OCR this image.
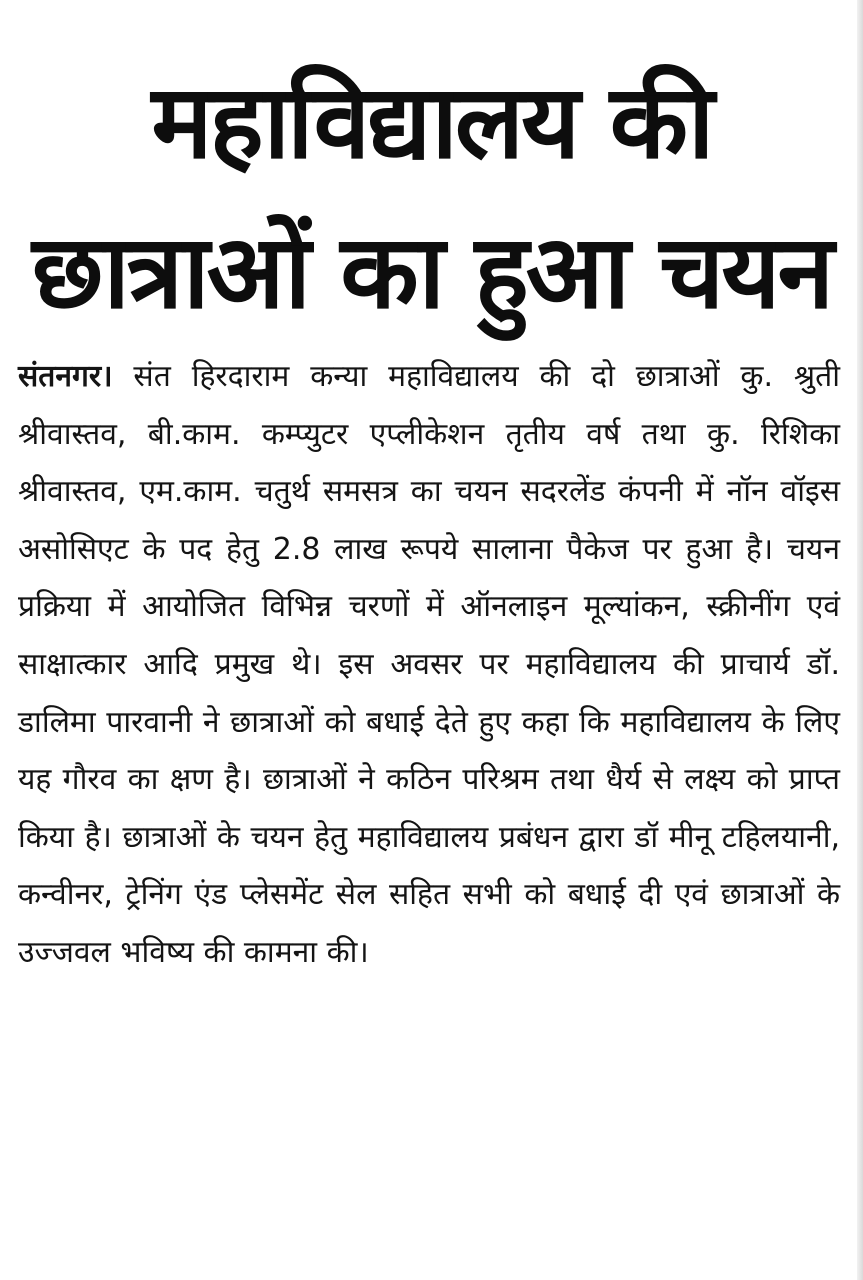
महाविद्यालय की
छात्राओं का हुआ चयन

संतनगर। संत हिरदाराम कन्या महाविद्यालय की दो छात्राओं कु. श्रुती श्रीवास्तव, बी.काम. कम्प्युटर एप्लीकेशन तृतीय वर्ष तथा कु. रिशिका श्रीवास्तव, एम.काम. चतुर्थ समसत्र का चयन सदरलेंड कंपनी में नॉन वॉइस असोसिएट के पद हेतु 2.8 लाख रूपये सालाना पैकेज पर हुआ है। चयन प्रक्रिया में आयोजित विभिन्न चरणों में ऑनलाइन मूल्यांकन, स्क्रीनींग एवं साक्षात्कार आदि प्रमुख थे। इस अवसर पर महाविद्यालय की प्राचार्य डॉ. डालिमा पारवानी ने छात्राओं को बधाई देते हुए कहा कि महाविद्यालय के लिए यह गौरव का क्षण है। छात्राओं ने कठिन परिश्रम तथा धैर्य से लक्ष्य को प्राप्त किया है। छात्राओं के चयन हेतु महाविद्यालय प्रबंधन द्वारा डॉ मीनू टहिलयानी, कन्वीनर, ट्रेनिंग एंड प्लेसमेंट सेल सहित सभी को बधाई दी एवं छात्राओं के उज्जवल भविष्य की कामना की।
